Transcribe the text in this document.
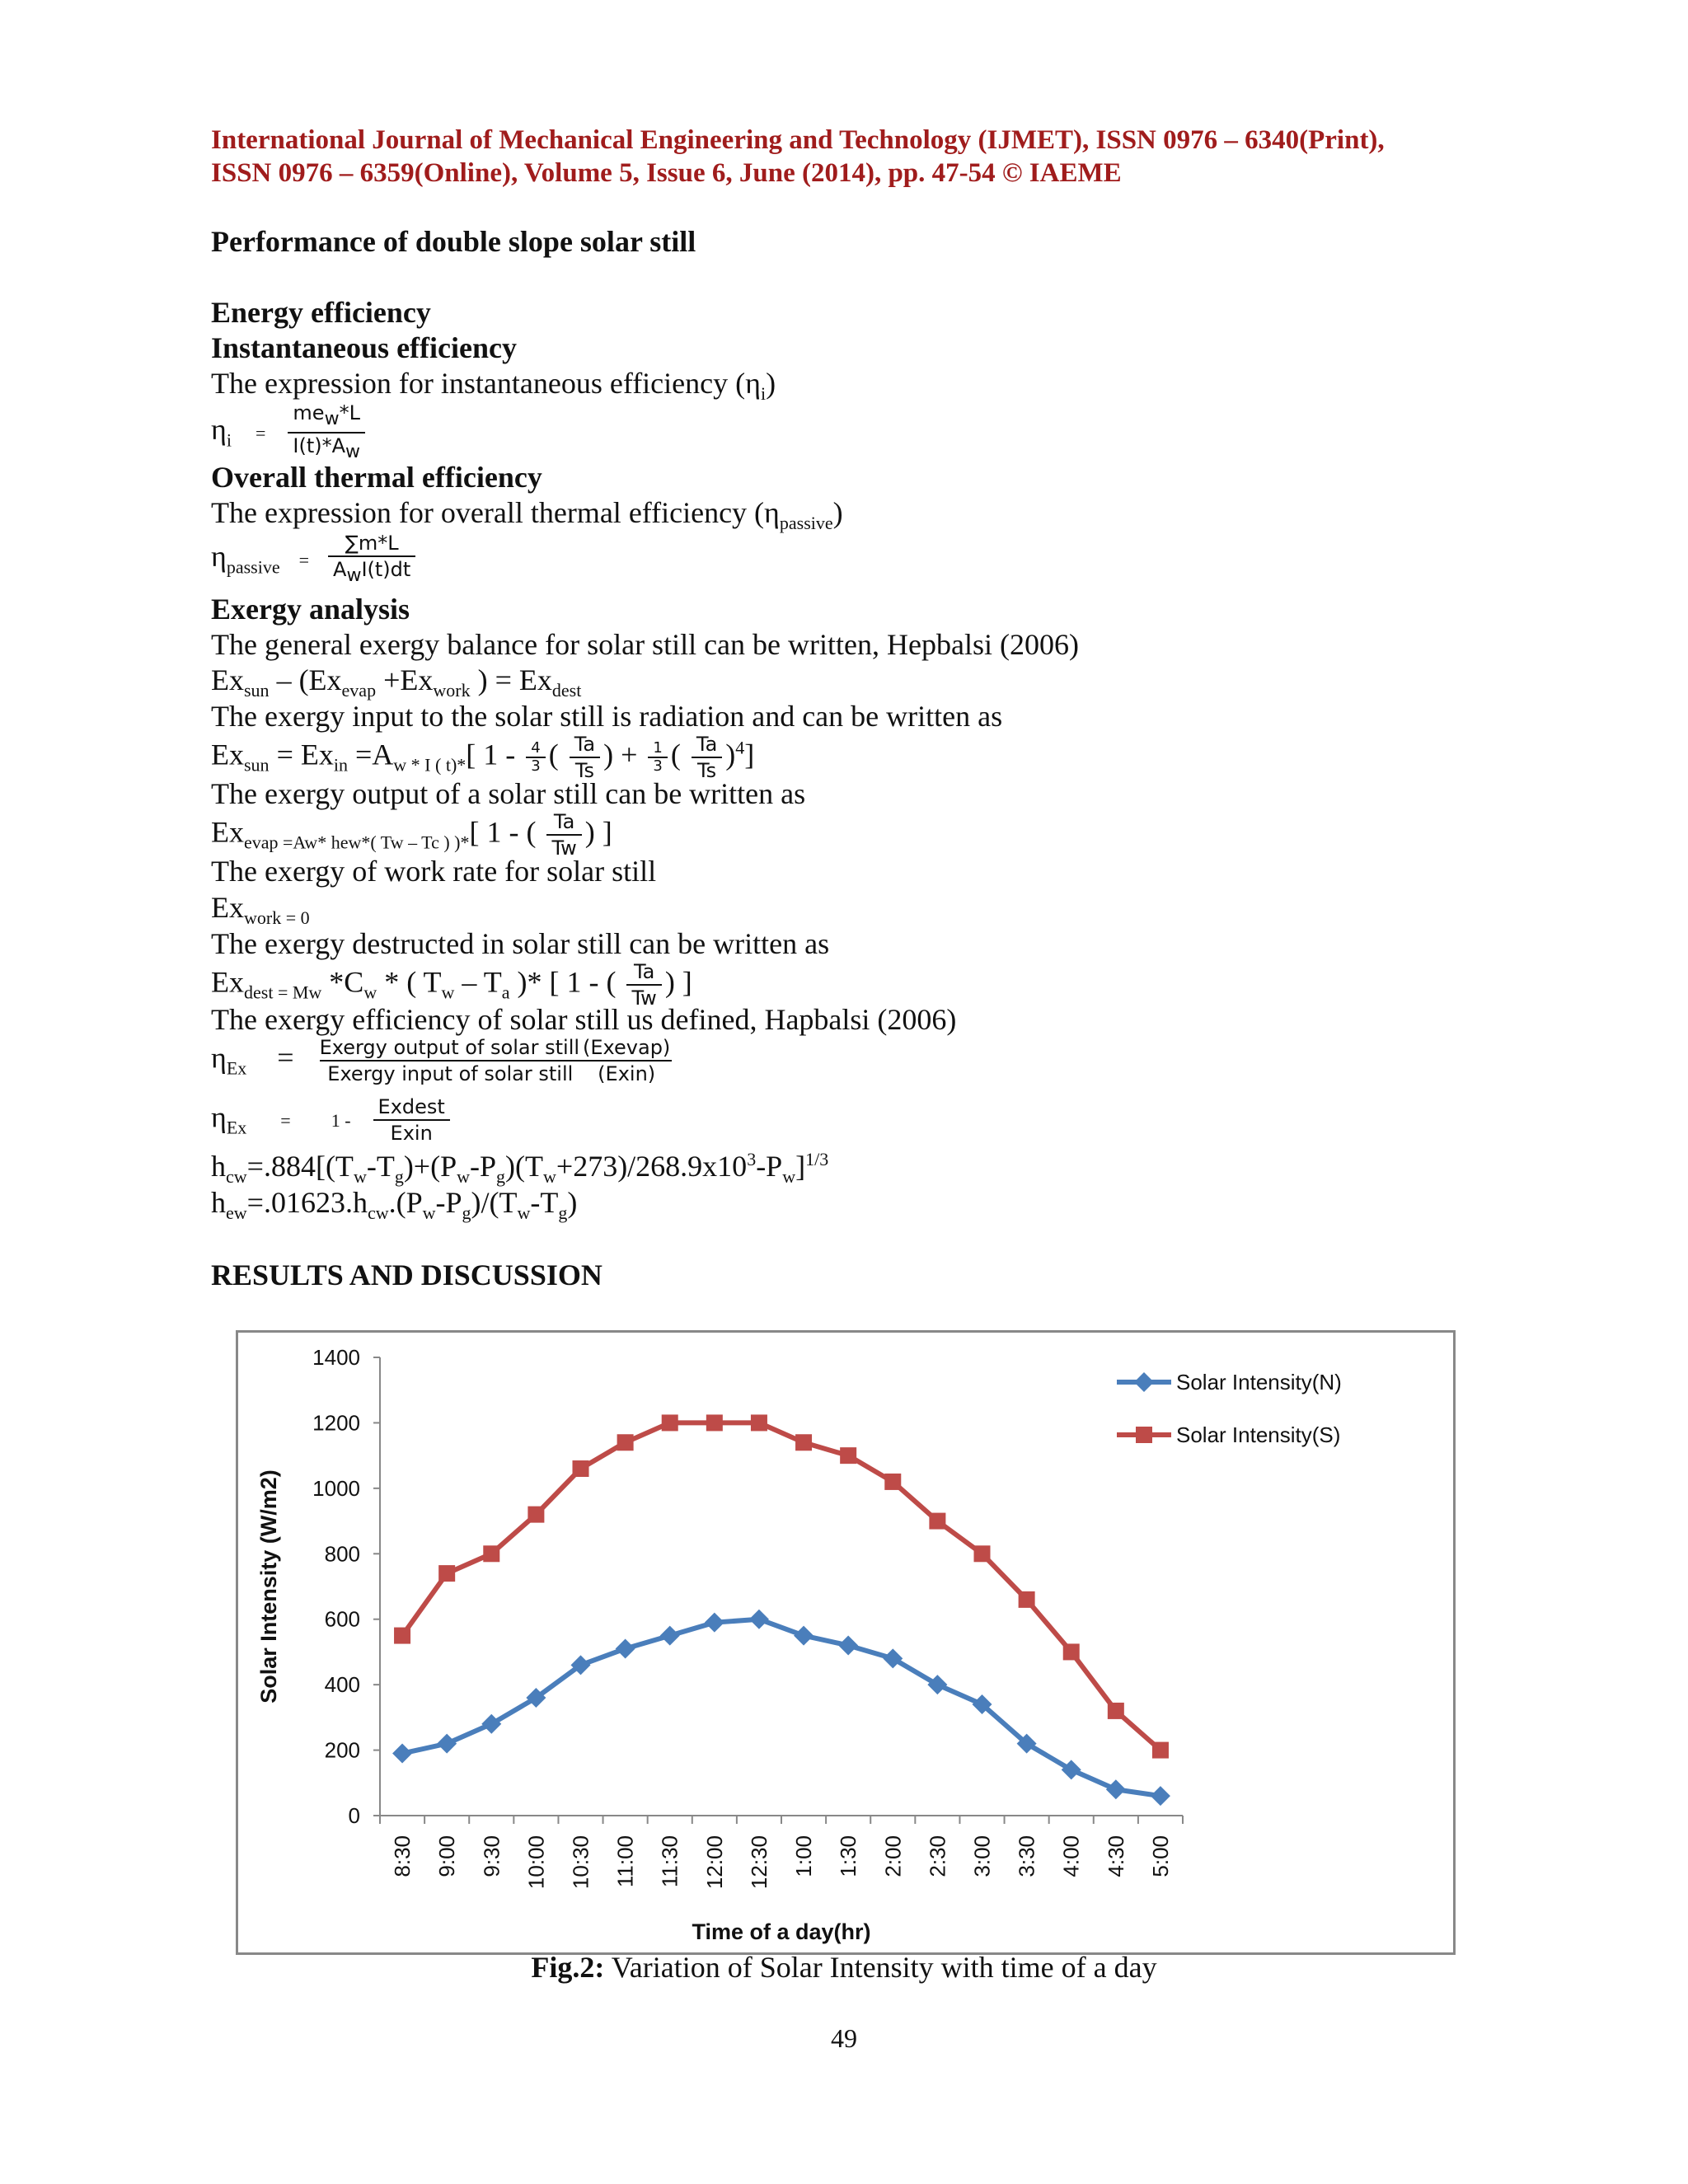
International Journal of Mechanical Engineering and Technology (IJMET), ISSN 0976 – 6340(Print),
ISSN 0976 – 6359(Online), Volume 5, Issue 6, June (2014), pp. 47-54 © IAEME
Performance of double slope solar still
Energy efficiency
Instantaneous efficiency
The expression for instantaneous efficiency $(\eta_i)$
$\eta_i = \frac{me_w*L}{I(t)*A_w}$
Overall thermal efficiency
The expression for overall thermal efficiency $(\eta_{passive})$
$\eta_{passive} = \frac{\sum m*L}{A_wI(t)dt}$
Exergy analysis
The general exergy balance for solar still can be written, Hepbalsi (2006)
$Ex_{sun} - (Ex_{evap} +Ex_{work}$ ) = $Ex_{dest}$
The exergy input to the solar still is radiation and can be written as
$Ex_{sun} = Ex_{in} =A_{w * I ( t)*}$[ $1 - \frac{4}{3}$ ( $\frac{Ta}{Ts}$ ) + $\frac{1}{3}$ ( $\frac{Ta}{Ts} )^4$]
The exergy output of a solar still can be written as
$Ex_{evap =Aw* hew*( Tw - Tc ) )*}$[ 1 - ( $\frac{Ta}{Tw}$ ) ]
The exergy of work rate for solar still
$Ex_{work = 0}$
The exergy destructed in solar still can be written as
$Ex_{dest = Mw}$ $*C_w$ * ( $T_w - T_a$ )* [ 1 - ( $\frac{Ta}{Tw}$ ) ]
The exergy efficiency of solar still us defined, Hapbalsi (2006)
$\eta_{Ex} = \frac{\text{Exergy output of solar still}}{\text{Exergy input of solar still}} \frac{\text{(Exevap)}}{\text{(Exin)}}$
$\eta_{Ex} = 1 - \frac{\text{Exdest}}{\text{Exin}}$
$h_{cw}=.884[(T_w-T_g)+(P_w-P_g)(T_w+273)/268.9x10^3-P_w]^{1/3}$
$h_{ew}=.01623.h_{cw}.(P_w-P_g)/(T_w-T_g)$
RESULTS AND DISCUSSION
0
200
400
600
800
1000
1200
1400
8:30 9:00 9:30 10:00 10:30 11:00 11:30 12:00 12:30 1:00 1:30 2:00 2:30 3:00 3:30 4:00 4:30 5:00
Time of a day(hr)
Solar Intensity (W/m2)
Solar Intensity(N)
Solar Intensity(S)
Fig.2: Variation of Solar Intensity with time of a day
49
